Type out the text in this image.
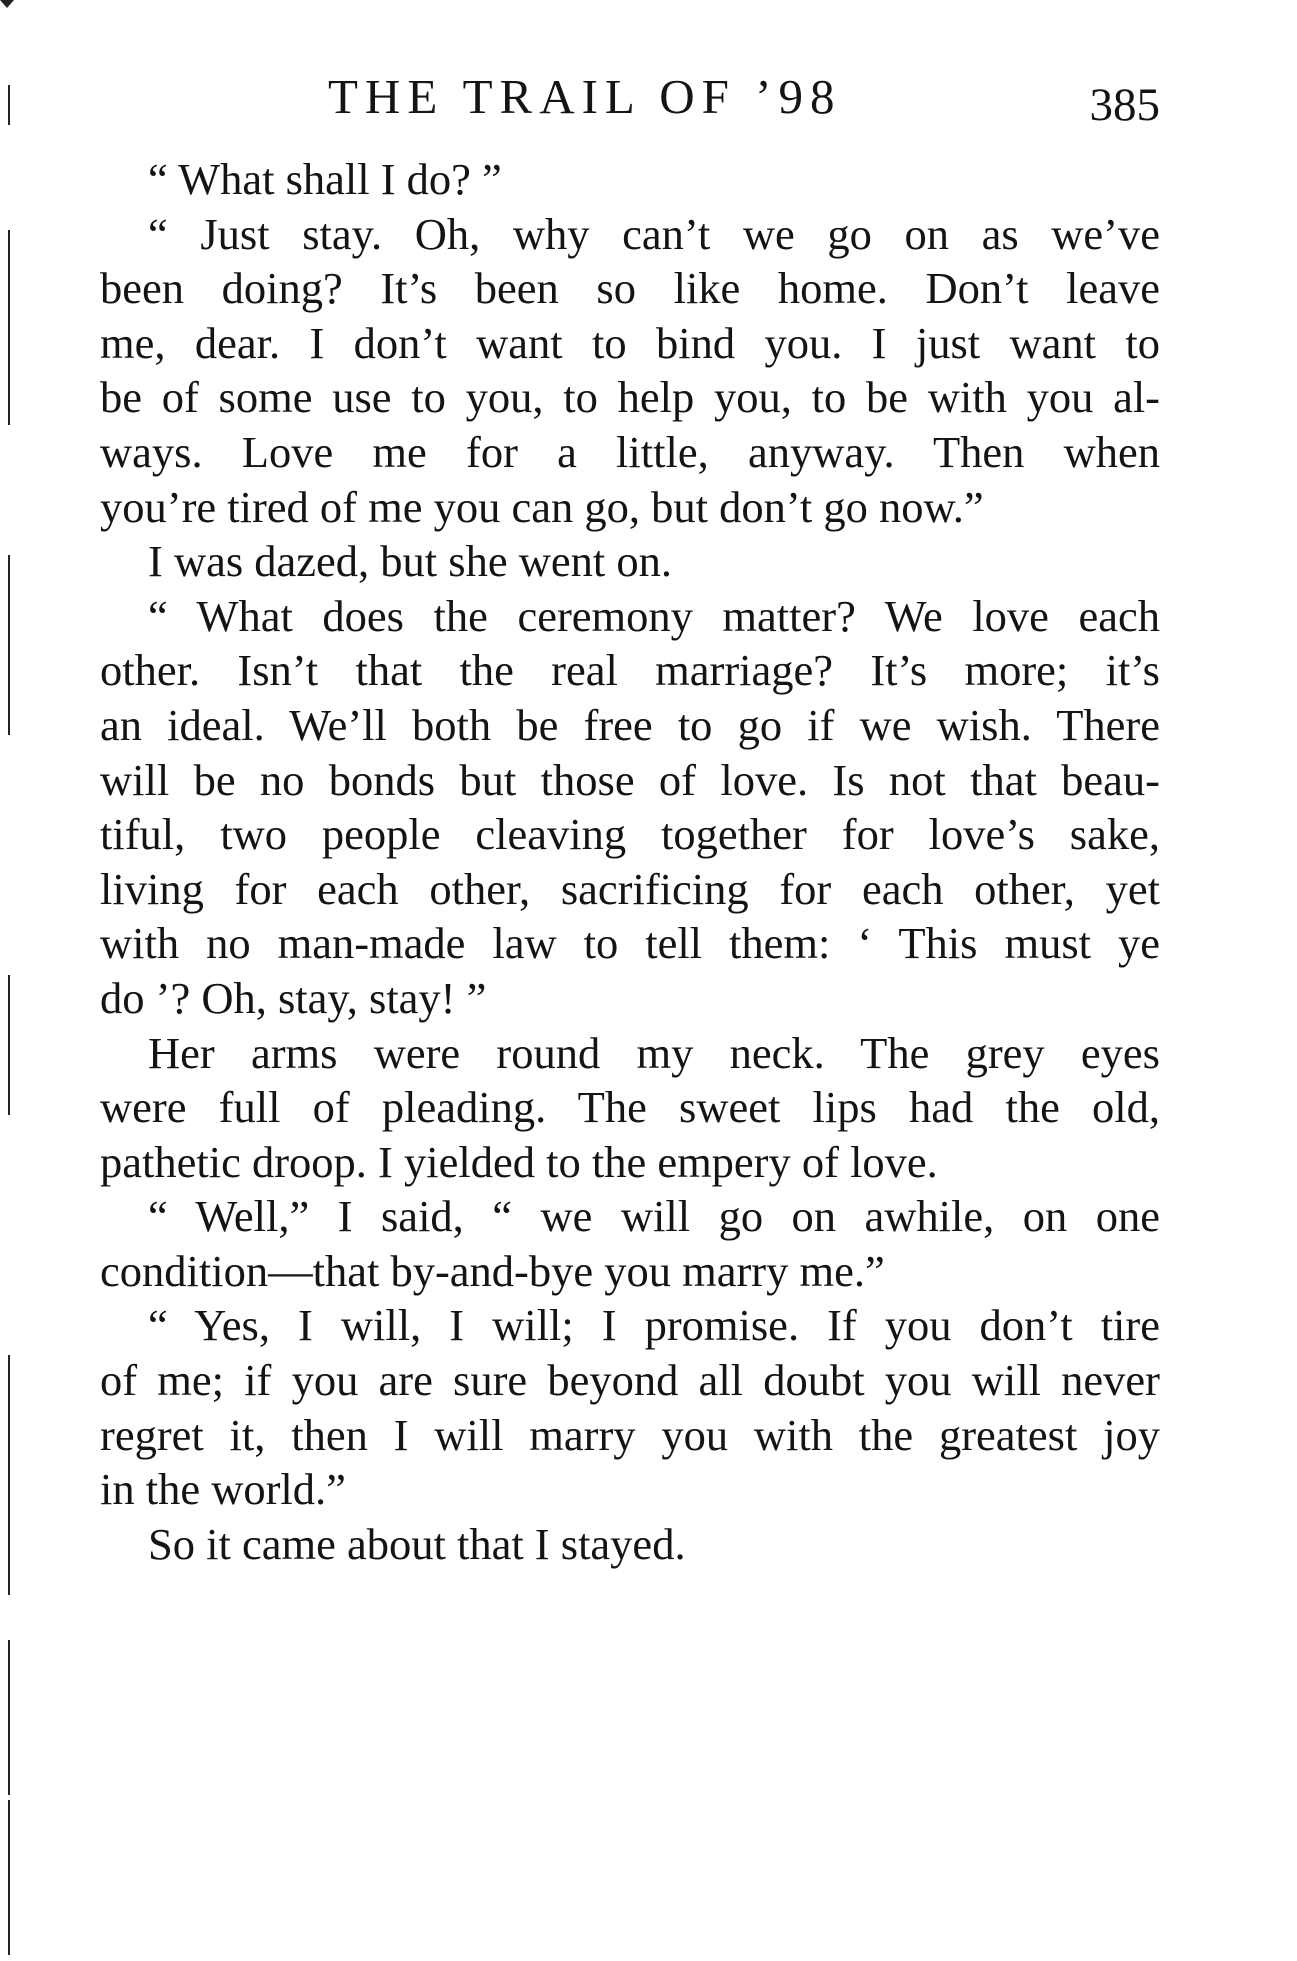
THE TRAIL OF ’98	385
“ What shall I do? ”
“ Just stay. Oh, why can’t we go on as we’ve
been doing? It’s been so like home. Don’t leave
me, dear. I don’t want to bind you. I just want to
be of some use to you, to help you, to be with you al-
ways. Love me for a little, anyway. Then when
you’re tired of me you can go, but don’t go now.”
I was dazed, but she went on.
“ What does the ceremony matter? We love each
other. Isn’t that the real marriage? It’s more; it’s
an ideal. We’ll both be free to go if we wish. There
will be no bonds but those of love. Is not that beau-
tiful, two people cleaving together for love’s sake,
living for each other, sacrificing for each other, yet
with no man-made law to tell them: ‘ This must ye
do ’? Oh, stay, stay! ”
Her arms were round my neck. The grey eyes
were full of pleading. The sweet lips had the old,
pathetic droop. I yielded to the empery of love.
“ Well,” I said, “ we will go on awhile, on one
condition—that by-and-bye you marry me.”
“ Yes, I will, I will; I promise. If you don’t tire
of me; if you are sure beyond all doubt you will never
regret it, then I will marry you with the greatest joy
in the world.”
So it came about that I stayed.
